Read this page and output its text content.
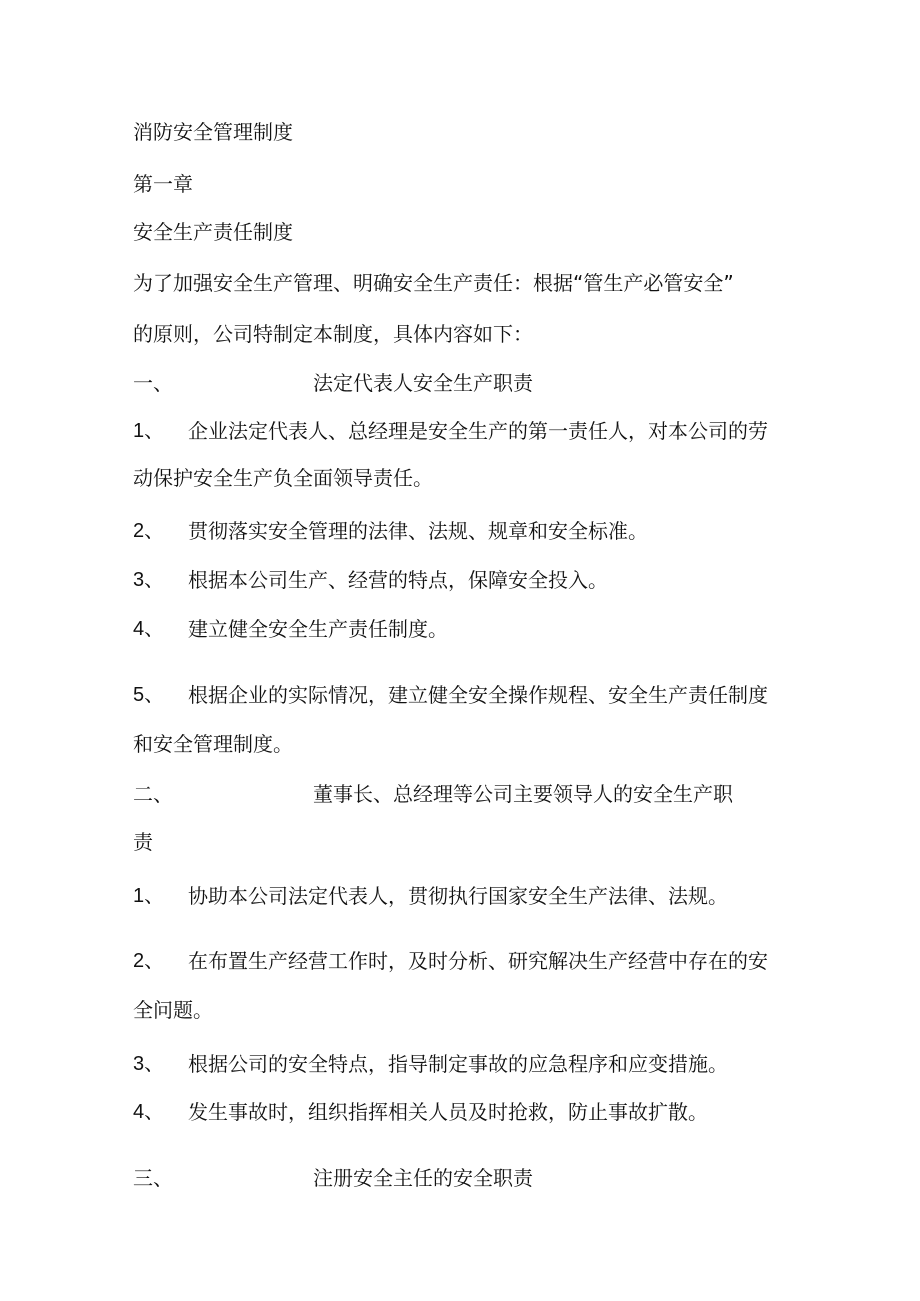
消防安全管理制度
第一章
安全生产责任制度
为了加强安全生产管理、明确安全生产责任：根据“管生产必管安全”
的原则，公司特制定本制度，具体内容如下：
一、	法定代表人安全生产职责
1、 企业法定代表人、总经理是安全生产的第一责任人，对本公司的劳
动保护安全生产负全面领导责任。
2、 贯彻落实安全管理的法律、法规、规章和安全标准。
3、 根据本公司生产、经营的特点，保障安全投入。
4、 建立健全安全生产责任制度。
5、 根据企业的实际情况，建立健全安全操作规程、安全生产责任制度
和安全管理制度。
二、	董事长、总经理等公司主要领导人的安全生产职
责
1、 协助本公司法定代表人，贯彻执行国家安全生产法律、法规。
2、 在布置生产经营工作时，及时分析、研究解决生产经营中存在的安
全问题。
3、 根据公司的安全特点，指导制定事故的应急程序和应变措施。
4、 发生事故时，组织指挥相关人员及时抢救，防止事故扩散。
三、	注册安全主任的安全职责
